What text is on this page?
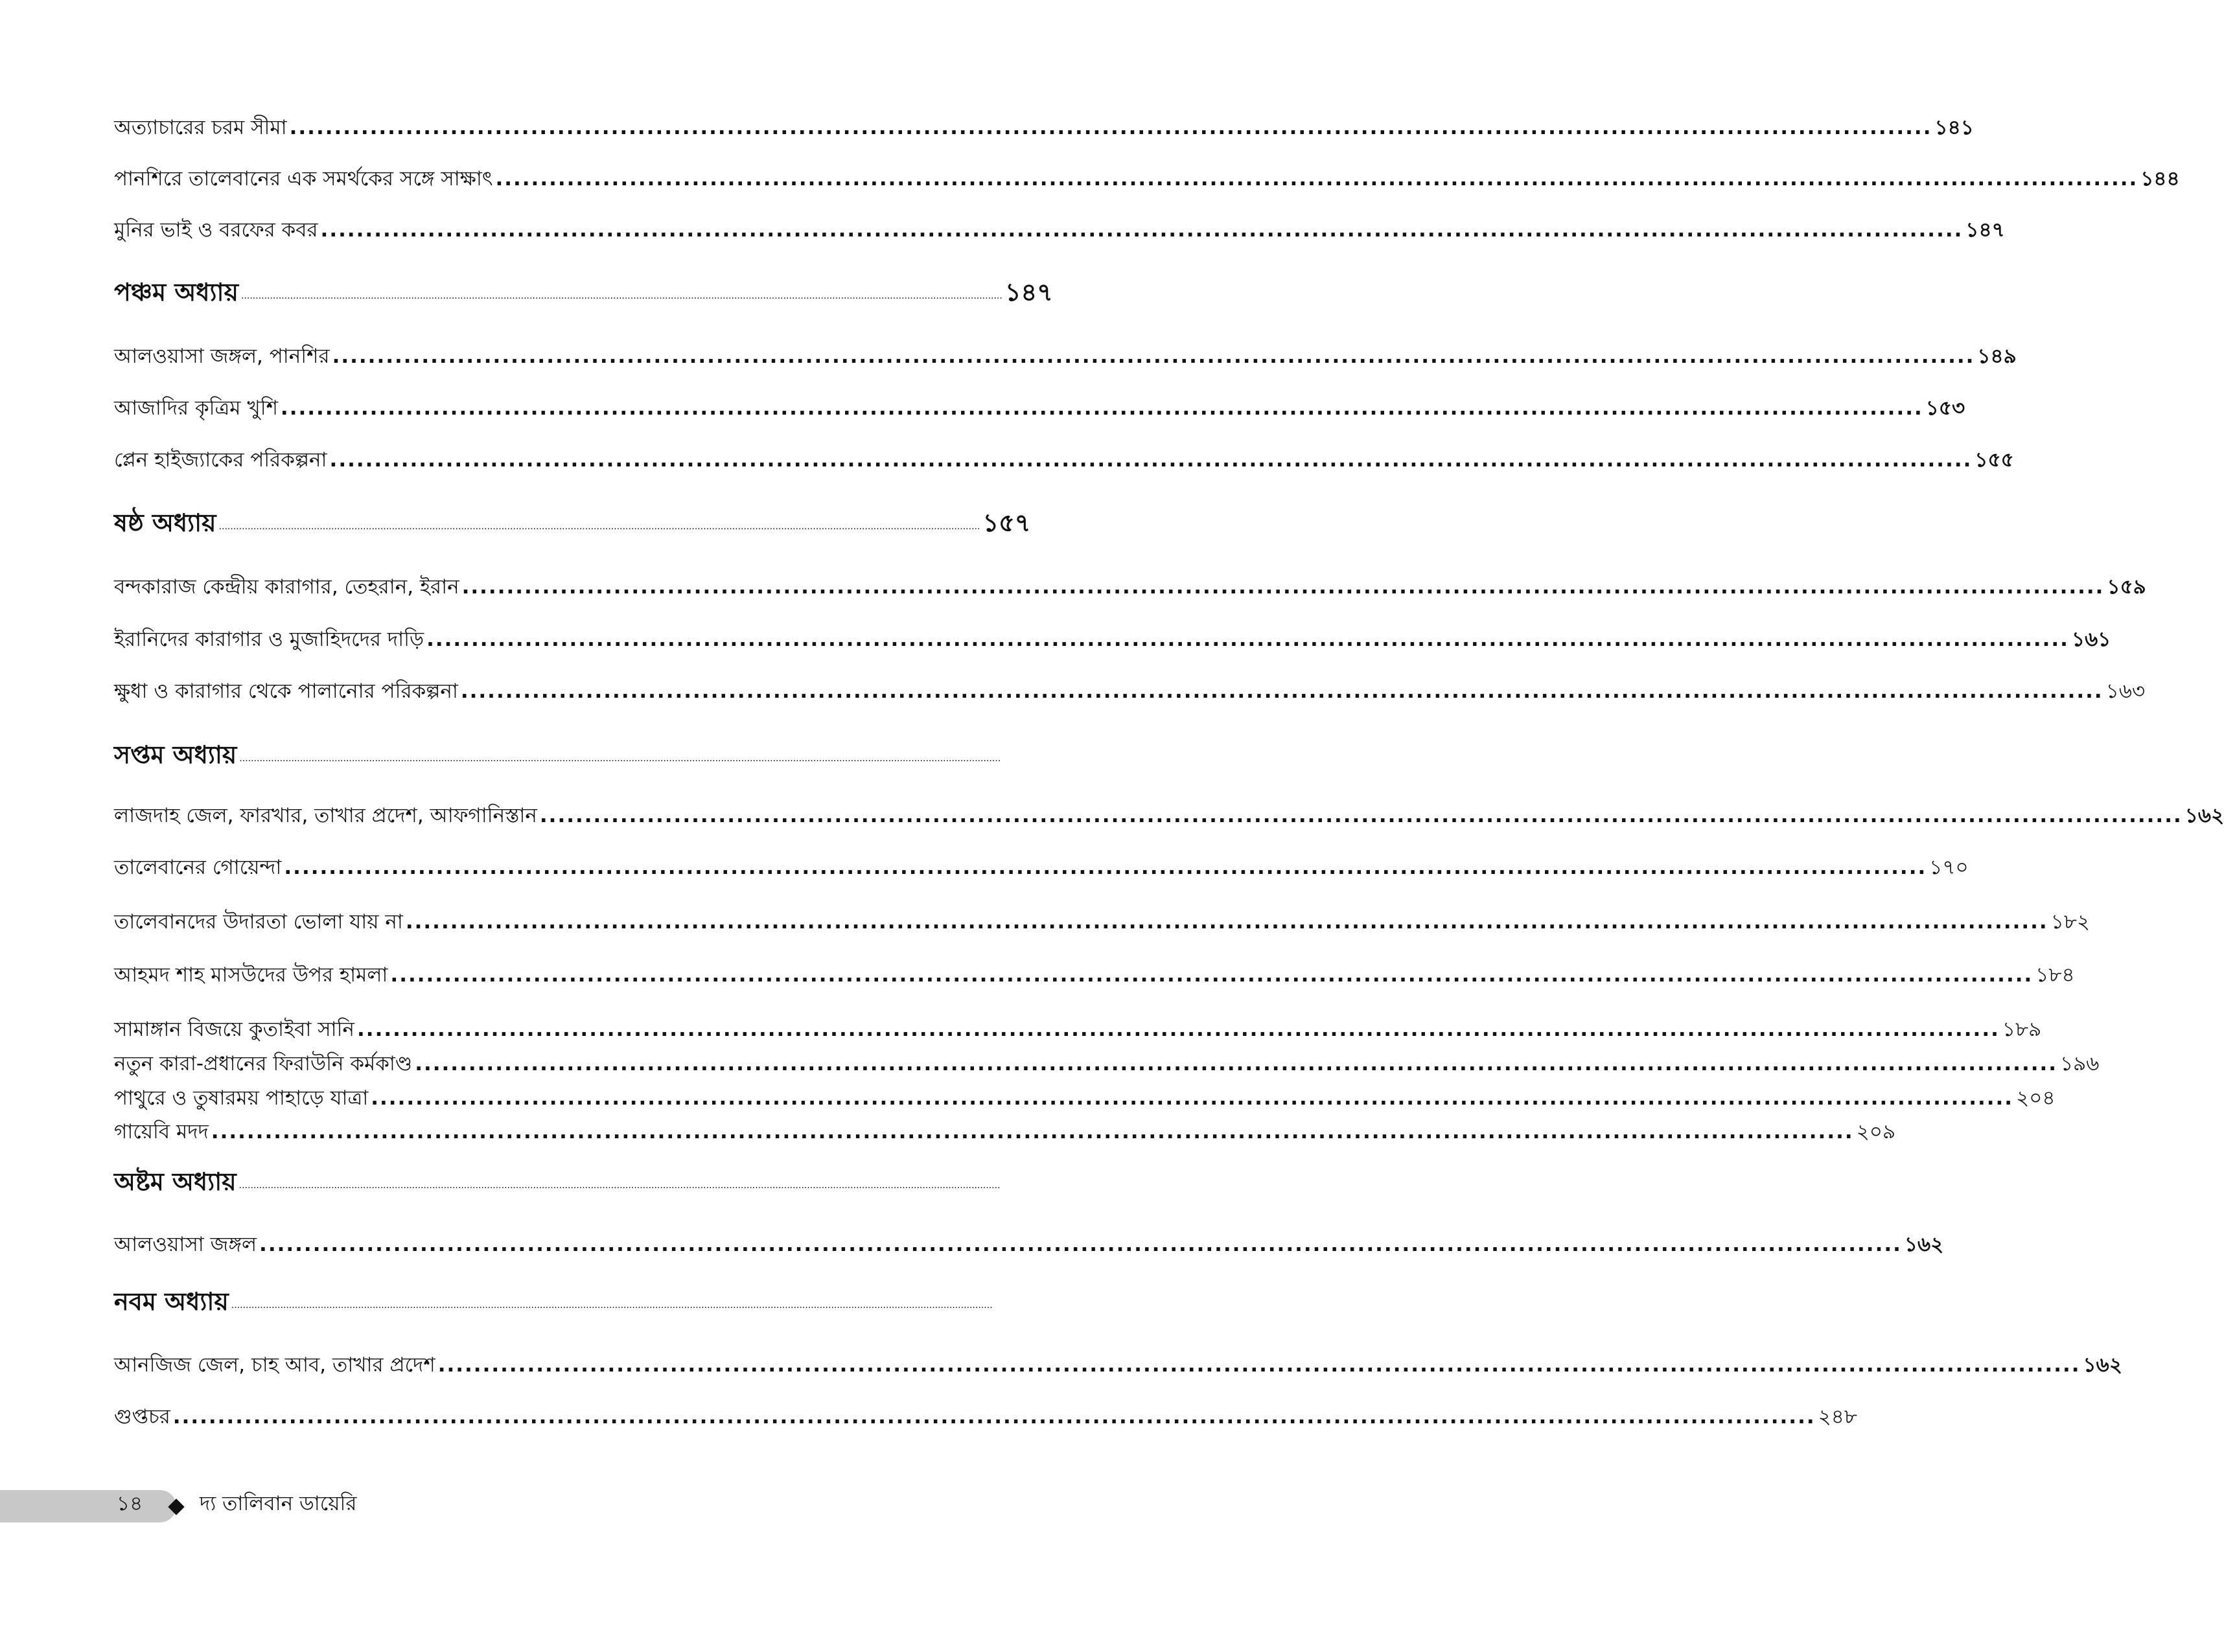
অত্যাচারের চরম সীমা ........................................................................................................................................................................................ ১৪১
পানশিরে তালেবানের এক সমর্থকের সঙ্গে সাক্ষাৎ ........................................................................................................................................................................................ ১৪৪
মুনির ভাই ও বরফের কবর ........................................................................................................................................................................................ ১৪৭
পঞ্চম অধ্যায় ........................................................................................................................................................................................................................................................................ ১৪৭
আলওয়াসা জঙ্গল, পানশির ........................................................................................................................................................................................ ১৪৯
আজাদির কৃত্রিম খুশি ........................................................................................................................................................................................ ১৫৩
প্লেন হাইজ্যাকের পরিকল্পনা ........................................................................................................................................................................................ ১৫৫
ষষ্ঠ অধ্যায় ........................................................................................................................................................................................................................................................................ ১৫৭
বন্দকারাজ কেন্দ্রীয় কারাগার, তেহরান, ইরান ........................................................................................................................................................................................ ১৫৯
ইরানিদের কারাগার ও মুজাহিদদের দাড়ি ........................................................................................................................................................................................ ১৬১
ক্ষুধা ও কারাগার থেকে পালানোর পরিকল্পনা ........................................................................................................................................................................................ ১৬৩
সপ্তম অধ্যায় ........................................................................................................................................................................................................................................................................
লাজদাহ জেল, ফারখার, তাখার প্রদেশ, আফগানিস্তান ........................................................................................................................................................................................ ১৬২
তালেবানের গোয়েন্দা ........................................................................................................................................................................................ ১৭০
তালেবানদের উদারতা ভোলা যায় না ........................................................................................................................................................................................ ১৮২
আহমদ শাহ মাসউদের উপর হামলা ........................................................................................................................................................................................ ১৮৪
সামাঙ্গান বিজয়ে কুতাইবা সানি ........................................................................................................................................................................................ ১৮৯
নতুন কারা-প্রধানের ফিরাউনি কর্মকাণ্ড ........................................................................................................................................................................................ ১৯৬
পাথুরে ও তুষারময় পাহাড়ে যাত্রা ........................................................................................................................................................................................ ২০৪
গায়েবি মদদ ........................................................................................................................................................................................ ২০৯
অষ্টম অধ্যায় ........................................................................................................................................................................................................................................................................
আলওয়াসা জঙ্গল ........................................................................................................................................................................................ ১৬২
নবম অধ্যায় ........................................................................................................................................................................................................................................................................
আনজিজ জেল, চাহ আব, তাখার প্রদেশ ........................................................................................................................................................................................ ১৬২
গুপ্তচর ........................................................................................................................................................................................ ২৪৮
১৪	দ্য তালিবান ডায়েরি
